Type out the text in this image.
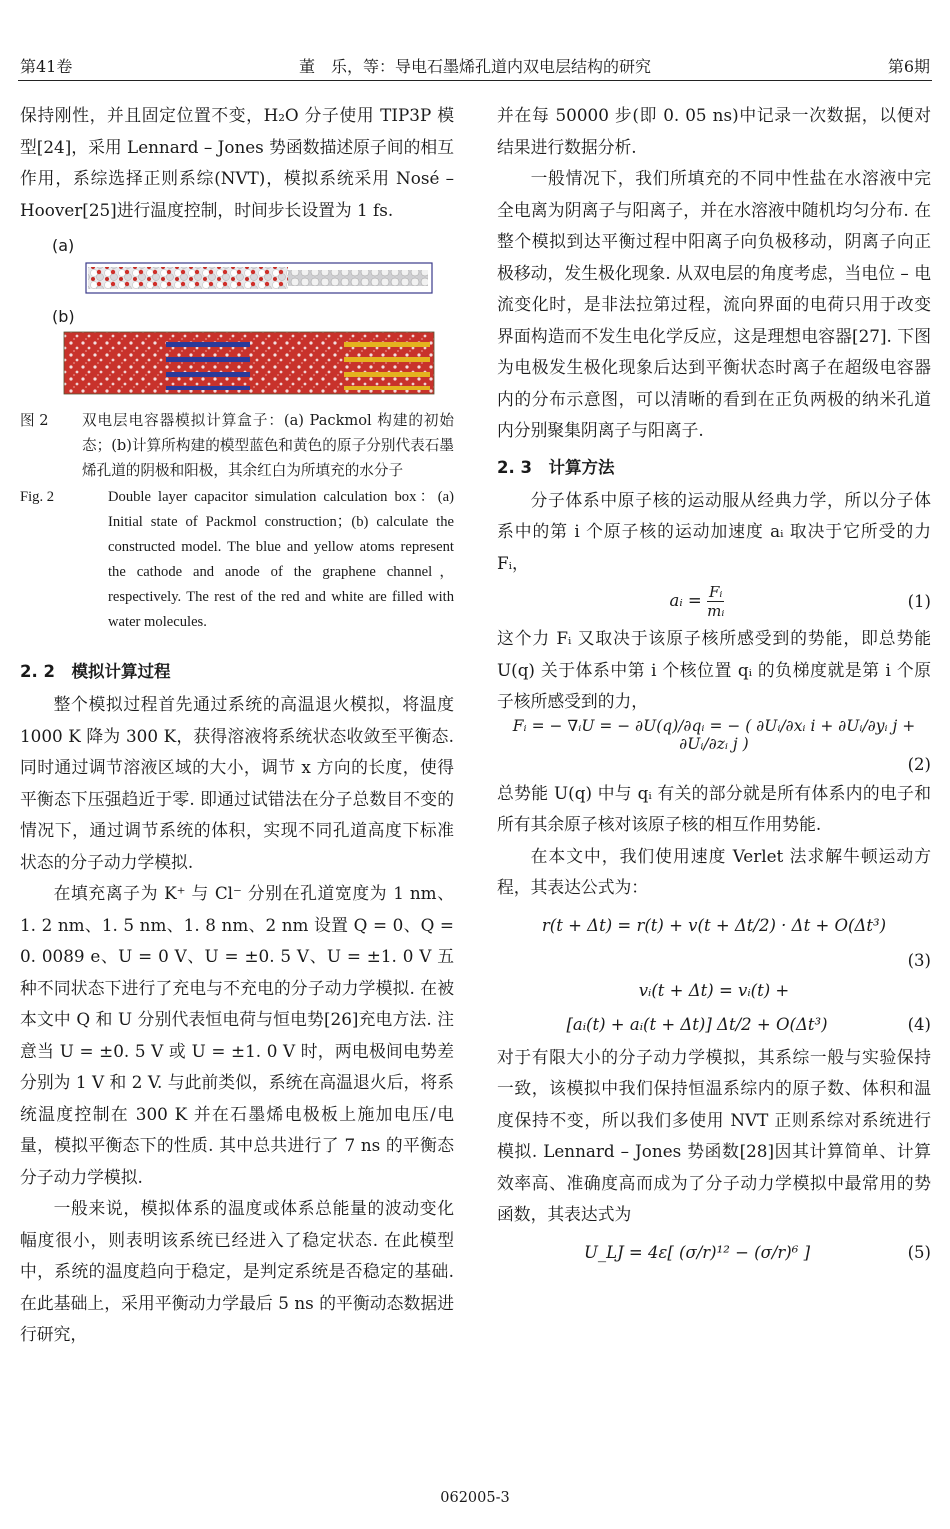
第41卷	董　乐，等：导电石墨烯孔道内双电层结构的研究	第6期

保持刚性，并且固定位置不变，H₂O 分子使用 TIP3P 模型[24]，采用 Lennard – Jones 势函数描述原子间的相互作用，系综选择正则系综(NVT)，模拟系统采用 Nosé – Hoover[25]进行温度控制，时间步长设置为 1 fs.

(a)
(b)
图 2	双电层电容器模拟计算盒子：(a) Packmol 构建的初始态；(b)计算所构建的模型蓝色和黄色的原子分别代表石墨烯孔道的阴极和阳极，其余红白为所填充的水分子
Fig. 2	Double layer capacitor simulation calculation box：(a) Initial state of Packmol construction；(b) calculate the constructed model. The blue and yellow atoms represent the cathode and anode of the graphene channel，respectively. The rest of the red and white are filled with water molecules.
2. 2　模拟计算过程

整个模拟过程首先通过系统的高温退火模拟，将温度 1000 K 降为 300 K，获得溶液将系统状态收敛至平衡态. 同时通过调节溶液区域的大小，调节 x 方向的长度，使得平衡态下压强趋近于零. 即通过试错法在分子总数目不变的情况下，通过调节系统的体积，实现不同孔道高度下标准状态的分子动力学模拟.

在填充离子为 K⁺ 与 Cl⁻ 分别在孔道宽度为 1 nm、1. 2 nm、1. 5 nm、1. 8 nm、2 nm 设置 Q = 0、Q = 0. 0089 e、U = 0 V、U = ±0. 5 V、U = ±1. 0 V 五种不同状态下进行了充电与不充电的分子动力学模拟. 在被本文中 Q 和 U 分别代表恒电荷与恒电势[26]充电方法. 注意当 U = ±0. 5 V 或 U = ±1. 0 V 时，两电极间电势差分别为 1 V 和 2 V. 与此前类似，系统在高温退火后，将系统温度控制在 300 K 并在石墨烯电极板上施加电压/电量，模拟平衡态下的性质. 其中总共进行了 7 ns 的平衡态分子动力学模拟.

一般来说，模拟体系的温度或体系总能量的波动变化幅度很小，则表明该系统已经进入了稳定状态. 在此模型中，系统的温度趋向于稳定，是判定系统是否稳定的基础. 在此基础上，采用平衡动力学最后 5 ns 的平衡动态数据进行研究，

并在每 50000 步(即 0. 05 ns)中记录一次数据，以便对结果进行数据分析.

一般情况下，我们所填充的不同中性盐在水溶液中完全电离为阴离子与阳离子，并在水溶液中随机均匀分布. 在整个模拟到达平衡过程中阳离子向负极移动，阴离子向正极移动，发生极化现象. 从双电层的角度考虑，当电位 – 电流变化时，是非法拉第过程，流向界面的电荷只用于改变界面构造而不发生电化学反应，这是理想电容器[27]. 下图为电极发生极化现象后达到平衡状态时离子在超级电容器内的分布示意图，可以清晰的看到在正负两极的纳米孔道内分别聚集阴离子与阳离子.

2. 3　计算方法

分子体系中原子核的运动服从经典力学，所以分子体系中的第 i 个原子核的运动加速度 aᵢ 取决于它所受的力 Fᵢ，

aᵢ = $\frac{\text{Fᵢ}}{\text{mᵢ}}$	(1)

这个力 Fᵢ 又取决于该原子核所感受到的势能，即总势能 U(q) 关于体系中第 i 个核位置 qᵢ 的负梯度就是第 i 个原子核所感受到的力，

Fᵢ = − ∇ᵢU = − ∂U(q)/∂qᵢ = − ( ∂Uᵢ/∂xᵢ i + ∂Uᵢ/∂yᵢ j + ∂Uᵢ/∂zᵢ j )
(2)

总势能 U(q) 中与 qᵢ 有关的部分就是所有体系内的电子和所有其余原子核对该原子核的相互作用势能.

在本文中，我们使用速度 Verlet 法求解牛顿运动方程，其表达公式为：

r(t + Δt) = r(t) + v(t + Δt/2) · Δt + O(Δt³)
(3)
vᵢ(t + Δt) = vᵢ(t) +
[aᵢ(t) + aᵢ(t + Δt)] Δt/2 + O(Δt³)	(4)

对于有限大小的分子动力学模拟，其系综一般与实验保持一致，该模拟中我们保持恒温系综内的原子数、体积和温度保持不变，所以我们多使用 NVT 正则系综对系统进行模拟. Lennard – Jones 势函数[28]因其计算简单、计算效率高、准确度高而成为了分子动力学模拟中最常用的势函数，其表达式为

U_LJ = 4ε[ (σ/r)¹² − (σ/r)⁶ ]	(5)
062005-3
